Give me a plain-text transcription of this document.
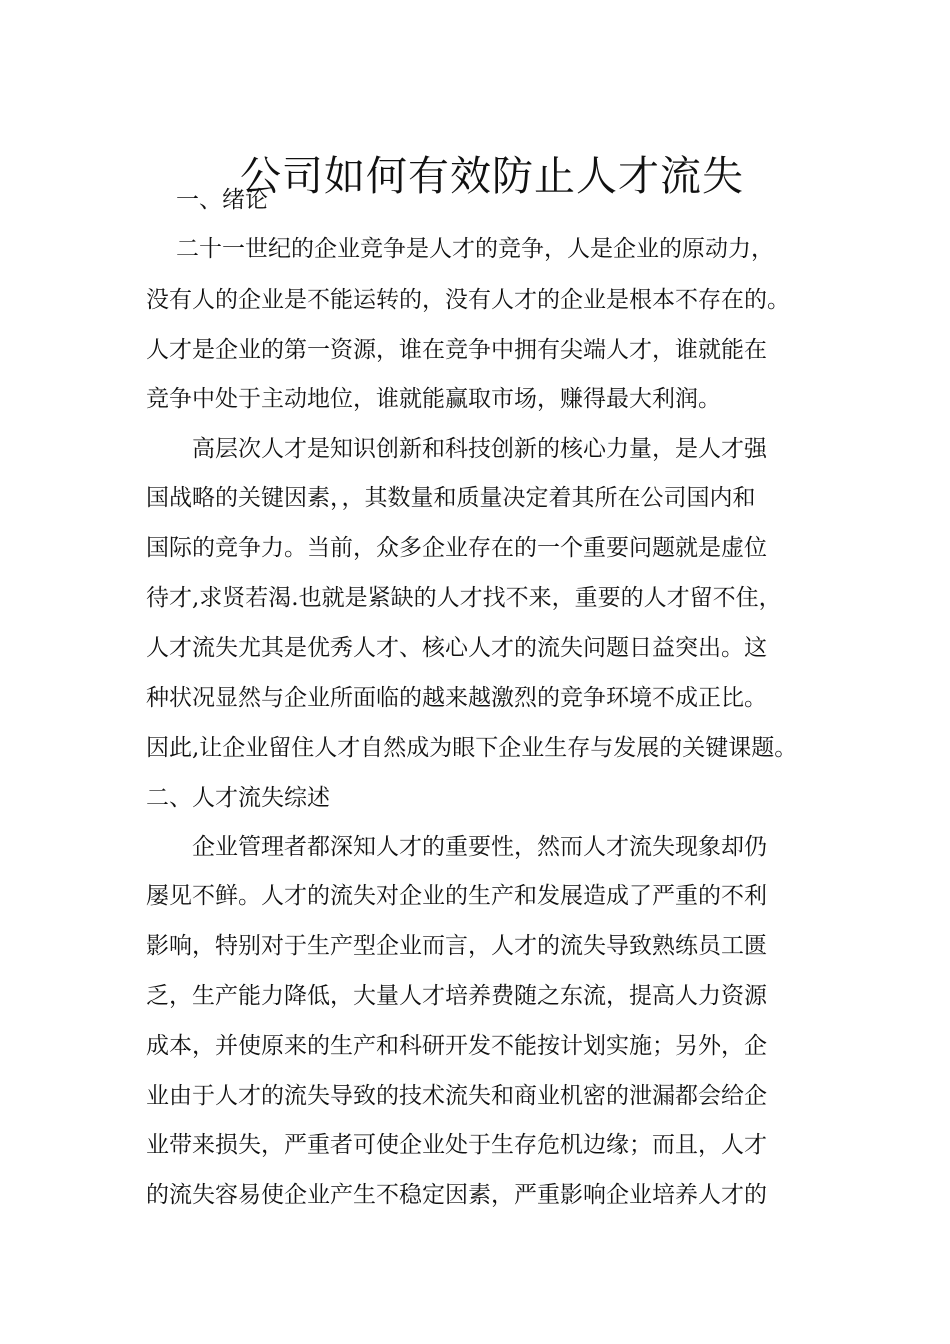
公司如何有效防止人才流失
一、绪论
二十一世纪的企业竞争是人才的竞争，人是企业的原动力，
没有人的企业是不能运转的，没有人才的企业是根本不存在的。
人才是企业的第一资源，谁在竞争中拥有尖端人才，谁就能在
竞争中处于主动地位，谁就能赢取市场，赚得最大利润。
高层次人才是知识创新和科技创新的核心力量，是人才强
国战略的关键因素，，其数量和质量决定着其所在公司国内和
国际的竞争力。当前，众多企业存在的一个重要问题就是虚位
待才,求贤若渴.也就是紧缺的人才找不来，重要的人才留不住，
人才流失尤其是优秀人才、核心人才的流失问题日益突出。这
种状况显然与企业所面临的越来越激烈的竞争环境不成正比。
因此,让企业留住人才自然成为眼下企业生存与发展的关键课题。
二、人才流失综述
企业管理者都深知人才的重要性，然而人才流失现象却仍
屡见不鲜。人才的流失对企业的生产和发展造成了严重的不利
影响，特别对于生产型企业而言，人才的流失导致熟练员工匮
乏，生产能力降低，大量人才培养费随之东流，提高人力资源
成本，并使原来的生产和科研开发不能按计划实施；另外，企
业由于人才的流失导致的技术流失和商业机密的泄漏都会给企
业带来损失，严重者可使企业处于生存危机边缘；而且，人才
的流失容易使企业产生不稳定因素，严重影响企业培养人才的
